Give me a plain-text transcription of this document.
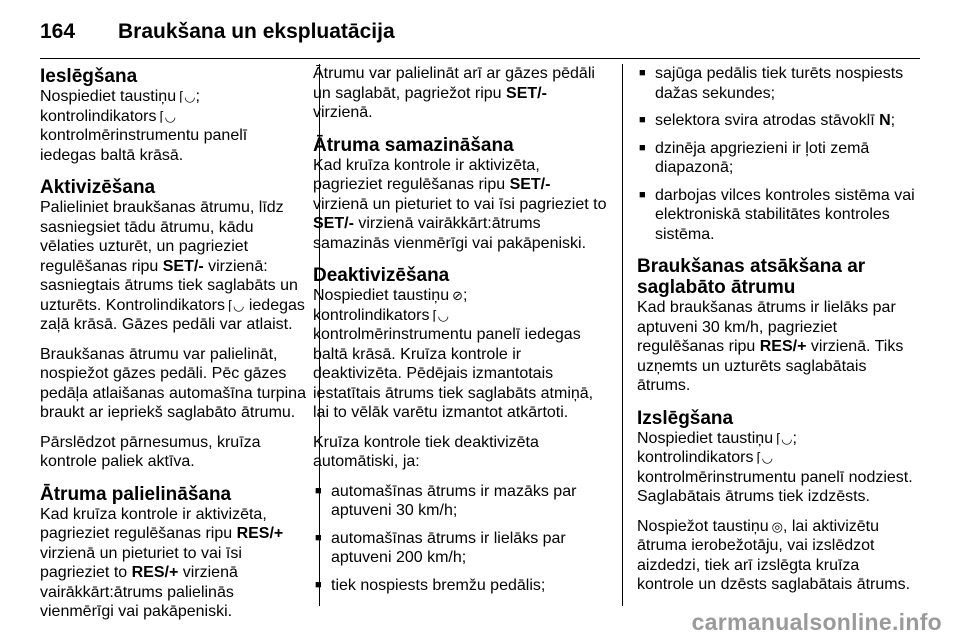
164	Braukšana un ekspluatācija
Ieslēgšana

Nospiediet taustiņu ⌈◡;
kontrolindikators ⌈◡
kontrolmērinstrumentu panelī
iedegas baltā krāsā.

Aktivizēšana

Palieliniet braukšanas ātrumu, līdz sasniegsiet tādu ātrumu, kādu vēlaties uzturēt, un pagrieziet regulēšanas ripu SET/- virzienā: sasniegtais ātrums tiek saglabāts un uzturēts. Kontrolindikators ⌈◡ iedegas zaļā krāsā. Gāzes pedāli var atlaist.

Braukšanas ātrumu var palielināt, nospiežot gāzes pedāli. Pēc gāzes pedāļa atlaišanas automašīna turpina braukt ar iepriekš saglabāto ātrumu.

Pārslēdzot pārnesumus, kruīza kontrole paliek aktīva.

Ātruma palielināšana

Kad kruīza kontrole ir aktivizēta, pagrieziet regulēšanas ripu RES/+ virzienā un pieturiet to vai īsi pagrieziet to RES/+ virzienā vairākkārt:ātrums palielinās vienmērīgi vai pakāpeniski.

Ātrumu var palielināt arī ar gāzes pēdāli un saglabāt, pagriežot ripu SET/- virzienā.

Ātruma samazināšana

Kad kruīza kontrole ir aktivizēta, pagrieziet regulēšanas ripu SET/- virzienā un pieturiet to vai īsi pagrieziet to SET/- virzienā vairākkārt:ātrums samazinās vienmērīgi vai pakāpeniski.

Deaktivizēšana

Nospiediet taustiņu ⊘;
kontrolindikators ⌈◡
kontrolmērinstrumentu panelī iedegas baltā krāsā. Kruīza kontrole ir deaktivizēta. Pēdējais izmantotais iestatītais ātrums tiek saglabāts atmiņā, lai to vēlāk varētu izmantot atkārtoti.

Kruīza kontrole tiek deaktivizēta automātiski, ja:

■ automašīnas ātrums ir mazāks par aptuveni 30 km/h;
■ automašīnas ātrums ir lielāks par aptuveni 200 km/h;
■ tiek nospiests bremžu pedālis;
■ sajūga pedālis tiek turēts nospiests dažas sekundes;
■ selektora svira atrodas stāvoklī N;
■ dzinēja apgriezieni ir ļoti zemā diapazonā;
■ darbojas vilces kontroles sistēma vai elektroniskā stabilitātes kontroles sistēma.
Braukšanas atsākšana ar saglabāto ātrumu

Kad braukšanas ātrums ir lielāks par aptuveni 30 km/h, pagrieziet regulēšanas ripu RES/+ virzienā. Tiks uzņemts un uzturēts saglabātais ātrums.

Izslēgšana

Nospiediet taustiņu ⌈◡;
kontrolindikators ⌈◡
kontrolmērinstrumentu panelī nodziest. Saglabātais ātrums tiek izdzēsts.

Nospiežot taustiņu ◎, lai aktivizētu ātruma ierobežotāju, vai izslēdzot aizdedzi, tiek arī izslēgta kruīza kontrole un dzēsts saglabātais ātrums.

carmanualsonline.info
